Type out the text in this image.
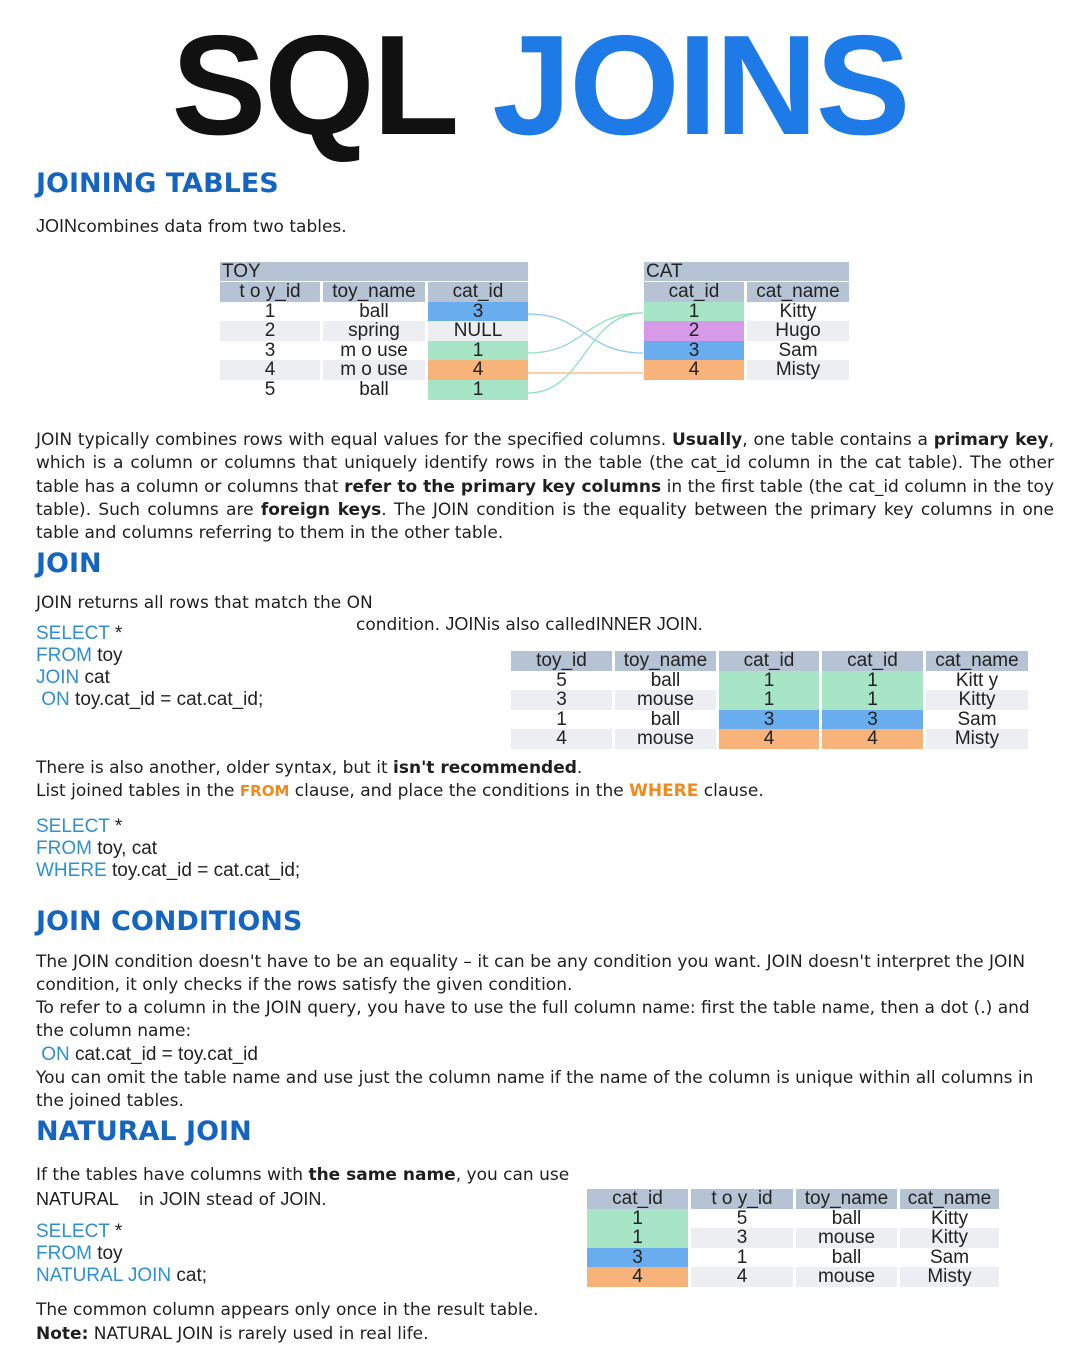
SQL JOINS
JOINING TABLES
JOINcombines data from two tables.
TOY
t o y_id	toy_name	cat_id
1	ball	3
2	spring	NULL
3	m o use	1
4	m o use	4
5	ball	1
CAT
cat_id	cat_name
1	Kitty
2	Hugo
3	Sam
4	Misty
JOIN typically combines rows with equal values for the specified columns. Usually, one table contains a primary key, which is a column or columns that uniquely identify rows in the table (the cat_id column in the cat table). The other table has a column or columns that refer to the primary key columns in the first table (the cat_id column in the toy table). Such columns are foreign keys. The JOIN condition is the equality between the primary key columns in one table and columns referring to them in the other table.
JOIN
JOIN returns all rows that match the ON
condition. JOINis also calledINNER JOIN.
SELECT *
FROM toy
JOIN cat
ON toy.cat_id = cat.cat_id;
toy_id	toy_name	cat_id	cat_id	cat_name
5	ball	1	1	Kitt y
3	mouse	1	1	Kitty
1	ball	3	3	Sam
4	mouse	4	4	Misty
There is also another, older syntax, but it isn't recommended.
List joined tables in the FROM clause, and place the conditions in the WHERE clause.
SELECT *
FROM toy, cat
WHERE toy.cat_id = cat.cat_id;
JOIN CONDITIONS
The JOIN condition doesn't have to be an equality – it can be any condition you want. JOIN doesn't interpret the JOIN condition, it only checks if the rows satisfy the given condition.
To refer to a column in the JOIN query, you have to use the full column name: first the table name, then a dot (.) and the column name:
ON cat.cat_id = toy.cat_id
You can omit the table name and use just the column name if the name of the column is unique within all columns in the joined tables.
NATURAL JOIN
If the tables have columns with the same name, you can use
NATURAL in JOIN stead of JOIN.
SELECT *
FROM toy
NATURAL JOIN cat;
cat_id	t o y_id	toy_name	cat_name
1	5	ball	Kitty
1	3	mouse	Kitty
3	1	ball	Sam
4	4	mouse	Misty
The common column appears only once in the result table.
Note: NATURAL JOIN is rarely used in real life.
